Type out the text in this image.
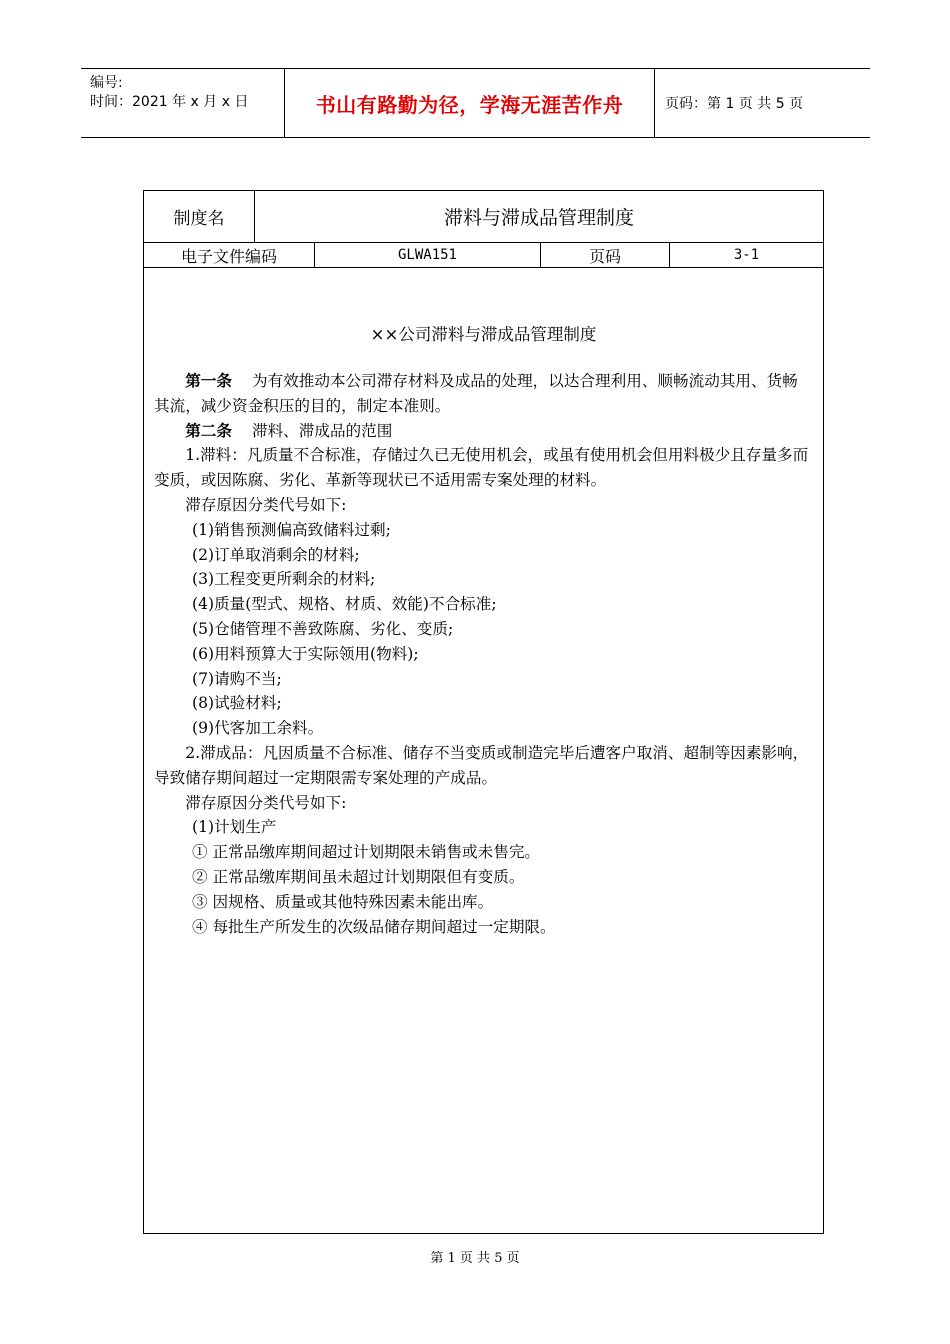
编号:
时间：2021 年 x 月 x 日	书山有路勤为径，学海无涯苦作舟	页码：第 1 页 共 5 页
制度名	滞料与滞成品管理制度
电子文件编码	GLWA151	页码	3-1
××公司滞料与滞成品管理制度

第一条 为有效推动本公司滞存材料及成品的处理，以达合理利用、顺畅流动其用、货畅其流，减少资金积压的目的，制定本准则。

第二条 滞料、滞成品的范围

1.滞料：凡质量不合标准，存储过久已无使用机会，或虽有使用机会但用料极少且存量多而变质，或因陈腐、劣化、革新等现状已不适用需专案处理的材料。

滞存原因分类代号如下:

(1)销售预测偏高致储料过剩;

(2)订单取消剩余的材料;

(3)工程变更所剩余的材料;

(4)质量(型式、规格、材质、效能)不合标准;

(5)仓储管理不善致陈腐、劣化、变质;

(6)用料预算大于实际领用(物料);

(7)请购不当;

(8)试验材料;

(9)代客加工余料。

2.滞成品：凡因质量不合标准、储存不当变质或制造完毕后遭客户取消、超制等因素影响，导致储存期间超过一定期限需专案处理的产成品。

滞存原因分类代号如下:

(1)计划生产

① 正常品缴库期间超过计划期限未销售或未售完。

② 正常品缴库期间虽未超过计划期限但有变质。

③ 因规格、质量或其他特殊因素未能出库。

④ 每批生产所发生的次级品储存期间超过一定期限。

第 1 页 共 5 页
